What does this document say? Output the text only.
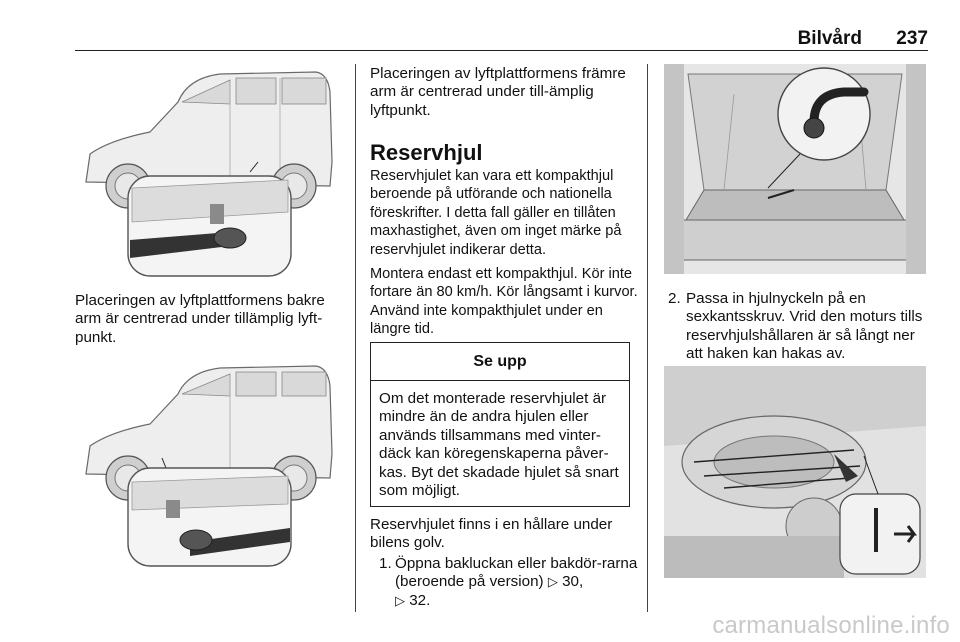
Bilvård	237

Placeringen av lyftplattformens bakre arm är centrerad under tillämplig lyft-punkt.

Placeringen av lyftplattformens främre arm är centrerad under till-ämplig lyftpunkt.

Reservhjul

Reservhjulet kan vara ett kompakthjul beroende på utförande och nationella föreskrifter. I detta fall gäller en tillåten maxhastighet, även om inget märke på reservhjulet indikerar detta.

Montera endast ett kompakthjul. Kör inte fortare än 80 km/h. Kör långsamt i kurvor. Använd inte kompakthjulet under en längre tid.

Se upp

Om det monterade reservhjulet är mindre än de andra hjulen eller används tillsammans med vinter-däck kan köregenskaperna påver-kas. Byt det skadade hjulet så snart som möjligt.

Reservhjulet finns i en hållare under bilens golv.

1. Öppna bakluckan eller bakdör-rarna (beroende på version) ▷ 30,
▷ 32.
2. Passa in hjulnyckeln på en sexkantsskruv. Vrid den moturs tills reservhjulshållaren är så långt ner att haken kan hakas av.
carmanualsonline.info
